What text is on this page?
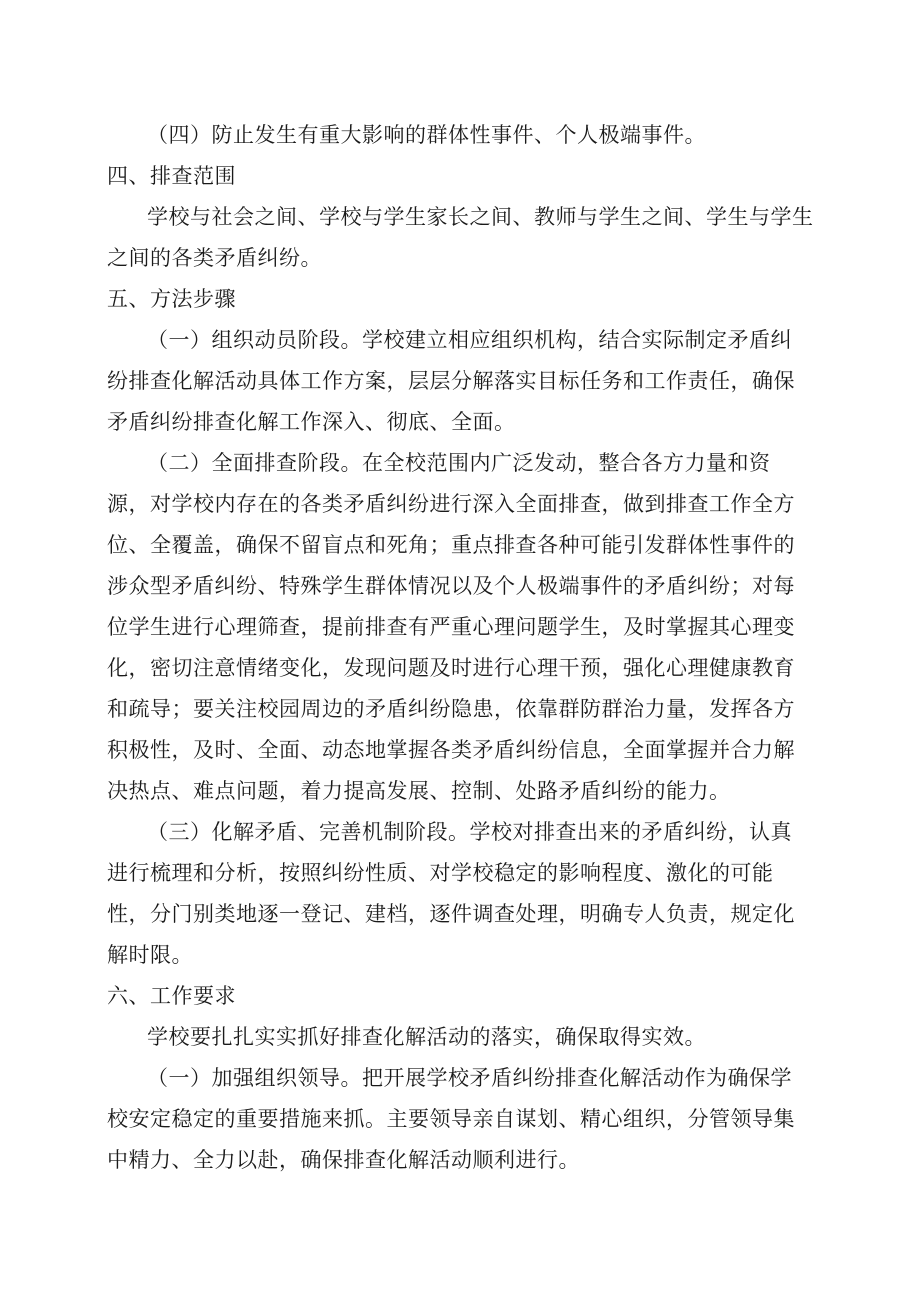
（四）防止发生有重大影响的群体性事件、个人极端事件。
四、排查范围
学校与社会之间、学校与学生家长之间、教师与学生之间、学生与学生
之间的各类矛盾纠纷。
五、方法步骤
（一）组织动员阶段。学校建立相应组织机构，结合实际制定矛盾纠
纷排查化解活动具体工作方案，层层分解落实目标任务和工作责任，确保
矛盾纠纷排查化解工作深入、彻底、全面。
（二）全面排查阶段。在全校范围内广泛发动，整合各方力量和资
源，对学校内存在的各类矛盾纠纷进行深入全面排查，做到排查工作全方
位、全覆盖，确保不留盲点和死角；重点排查各种可能引发群体性事件的
涉众型矛盾纠纷、特殊学生群体情况以及个人极端事件的矛盾纠纷；对每
位学生进行心理筛查，提前排查有严重心理问题学生，及时掌握其心理变
化，密切注意情绪变化，发现问题及时进行心理干预，强化心理健康教育
和疏导；要关注校园周边的矛盾纠纷隐患，依靠群防群治力量，发挥各方
积极性，及时、全面、动态地掌握各类矛盾纠纷信息，全面掌握并合力解
决热点、难点问题，着力提高发展、控制、处路矛盾纠纷的能力。
（三）化解矛盾、完善机制阶段。学校对排查出来的矛盾纠纷，认真
进行梳理和分析，按照纠纷性质、对学校稳定的影响程度、激化的可能
性，分门别类地逐一登记、建档，逐件调查处理，明确专人负责，规定化
解时限。
六、工作要求
学校要扎扎实实抓好排查化解活动的落实，确保取得实效。
（一）加强组织领导。把开展学校矛盾纠纷排查化解活动作为确保学
校安定稳定的重要措施来抓。主要领导亲自谋划、精心组织，分管领导集
中精力、全力以赴，确保排查化解活动顺利进行。
